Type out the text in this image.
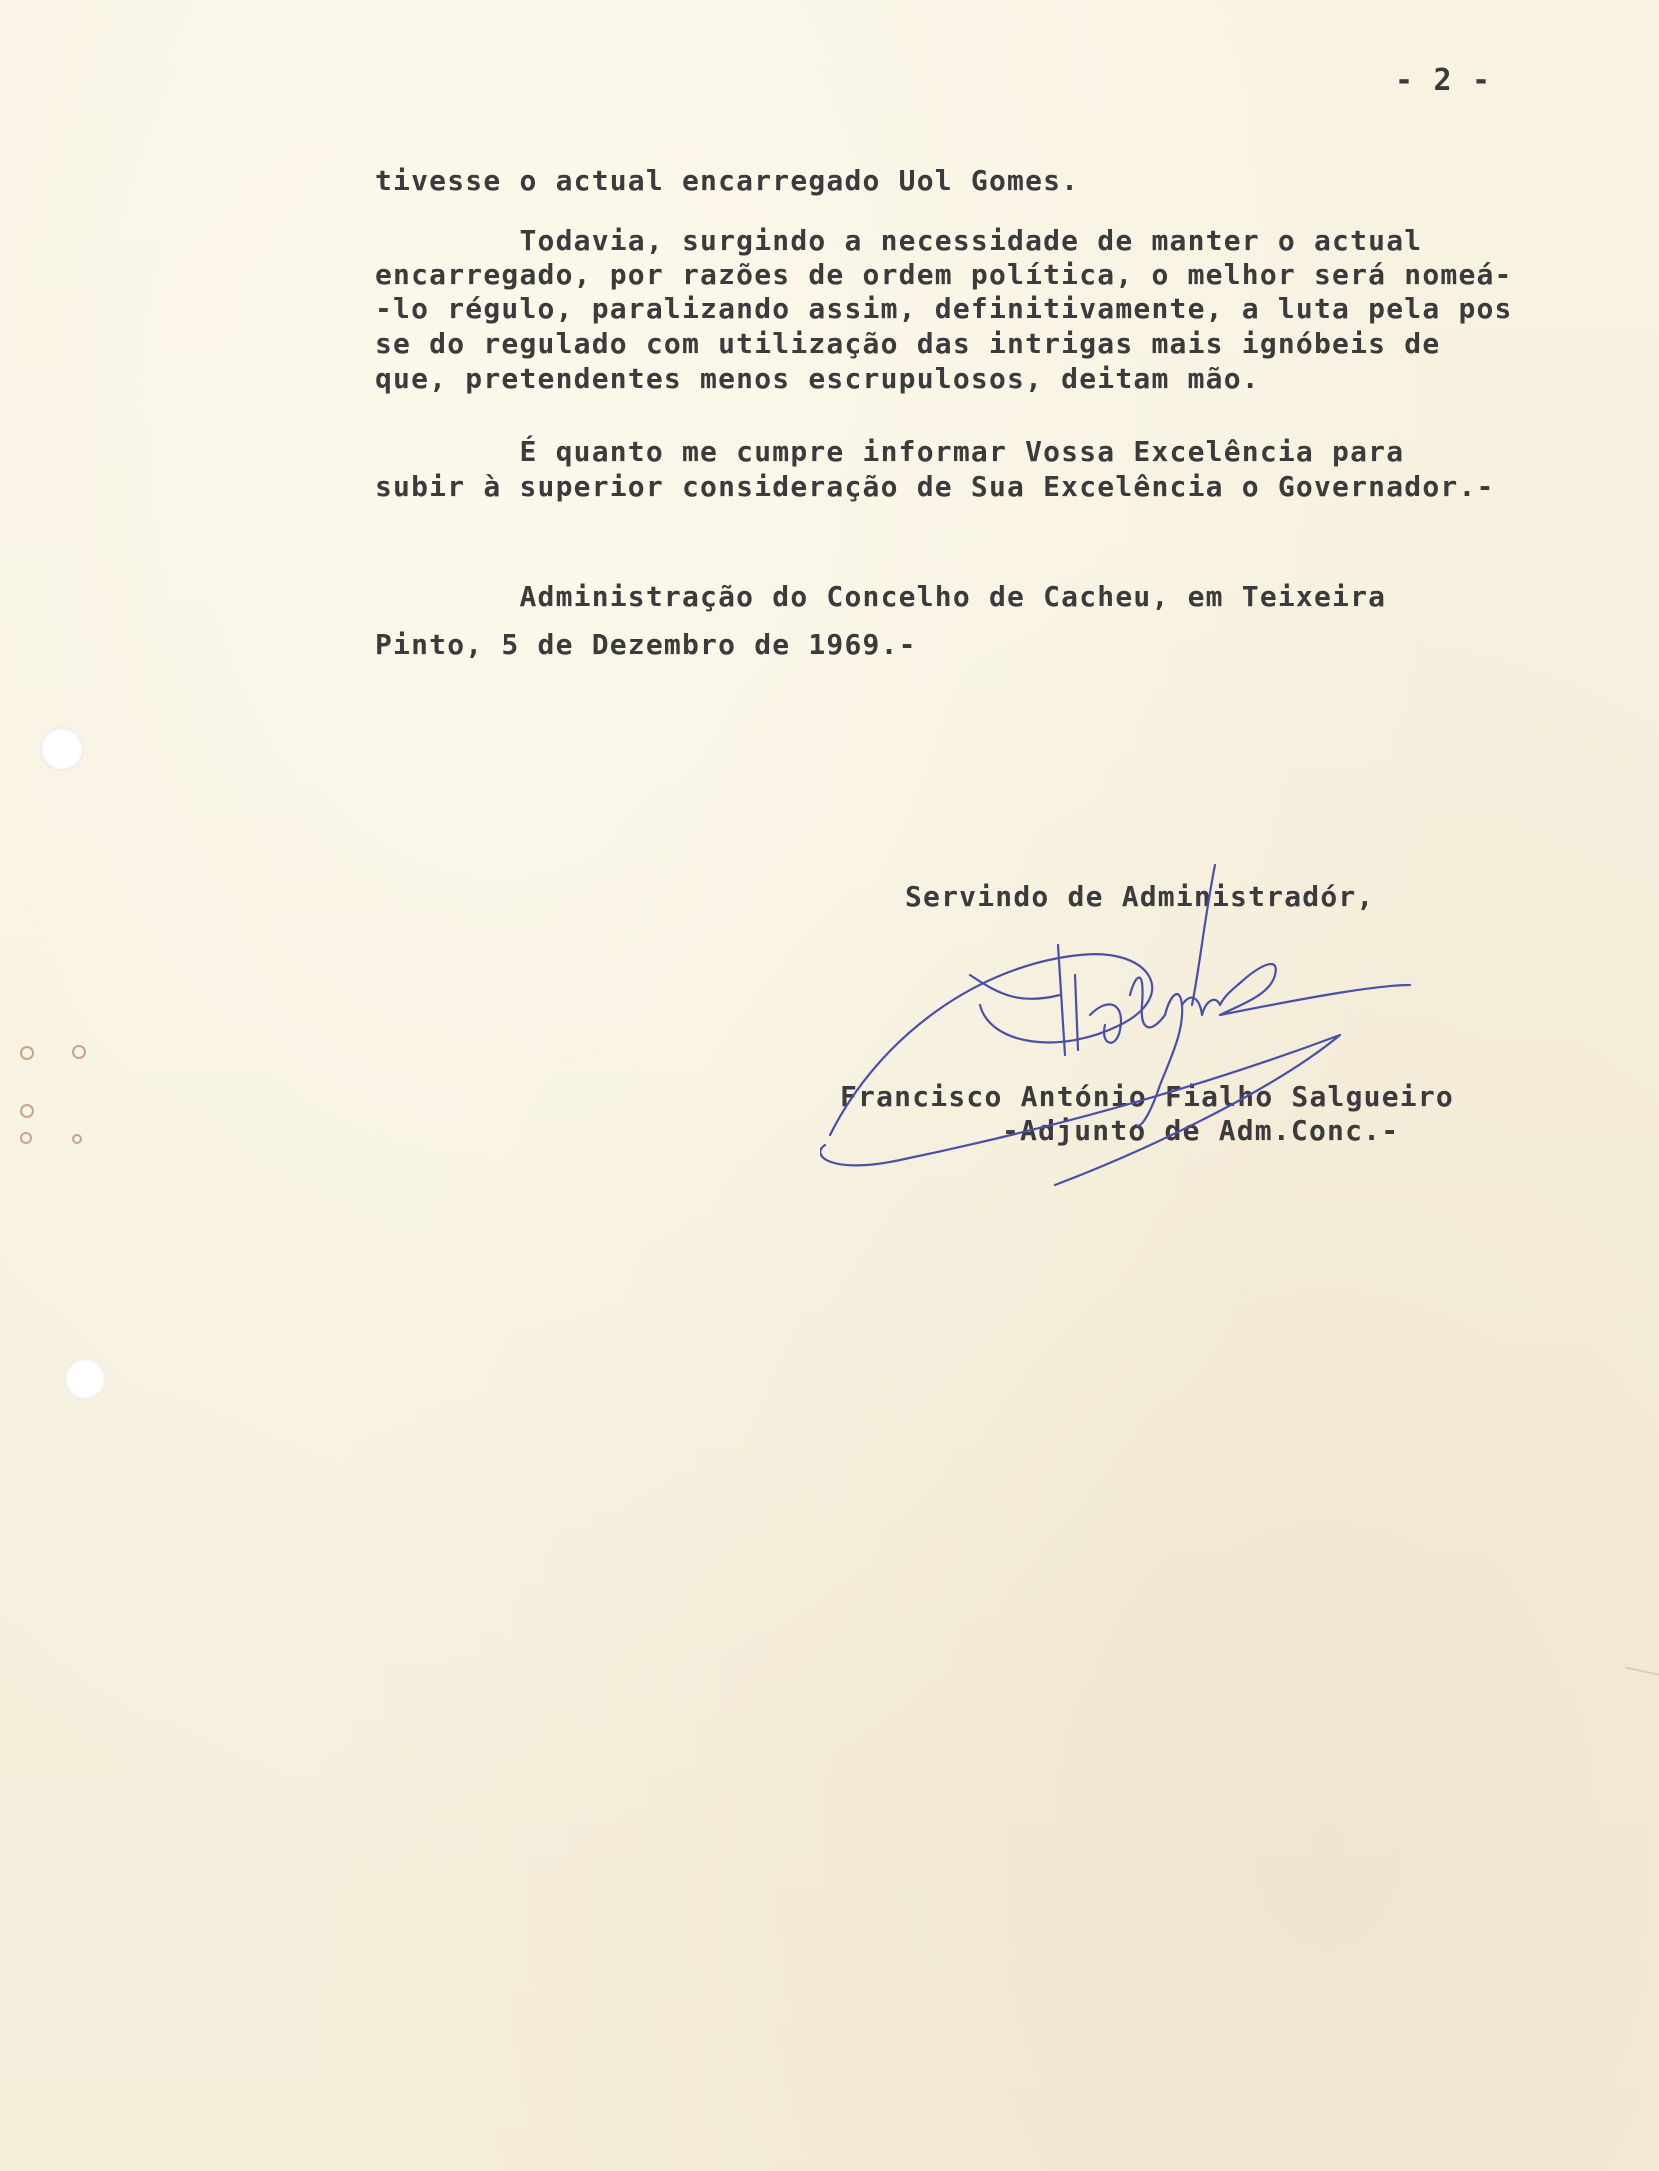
- 2 -
tivesse o actual encarregado Uol Gomes.
Todavia, surgindo a necessidade de manter o actual
encarregado, por razões de ordem política, o melhor será nomeá-
-lo régulo, paralizando assim, definitivamente, a luta pela pos
se do regulado com utilização das intrigas mais ignóbeis de
que, pretendentes menos escrupulosos, deitam mão.
É quanto me cumpre informar Vossa Excelência para
subir à superior consideração de Sua Excelência o Governador.-
Administração do Concelho de Cacheu, em Teixeira
Pinto, 5 de Dezembro de 1969.-
Servindo de Administradór,
Francisco António Fialho Salgueiro
-Adjunto de Adm.Conc.-
